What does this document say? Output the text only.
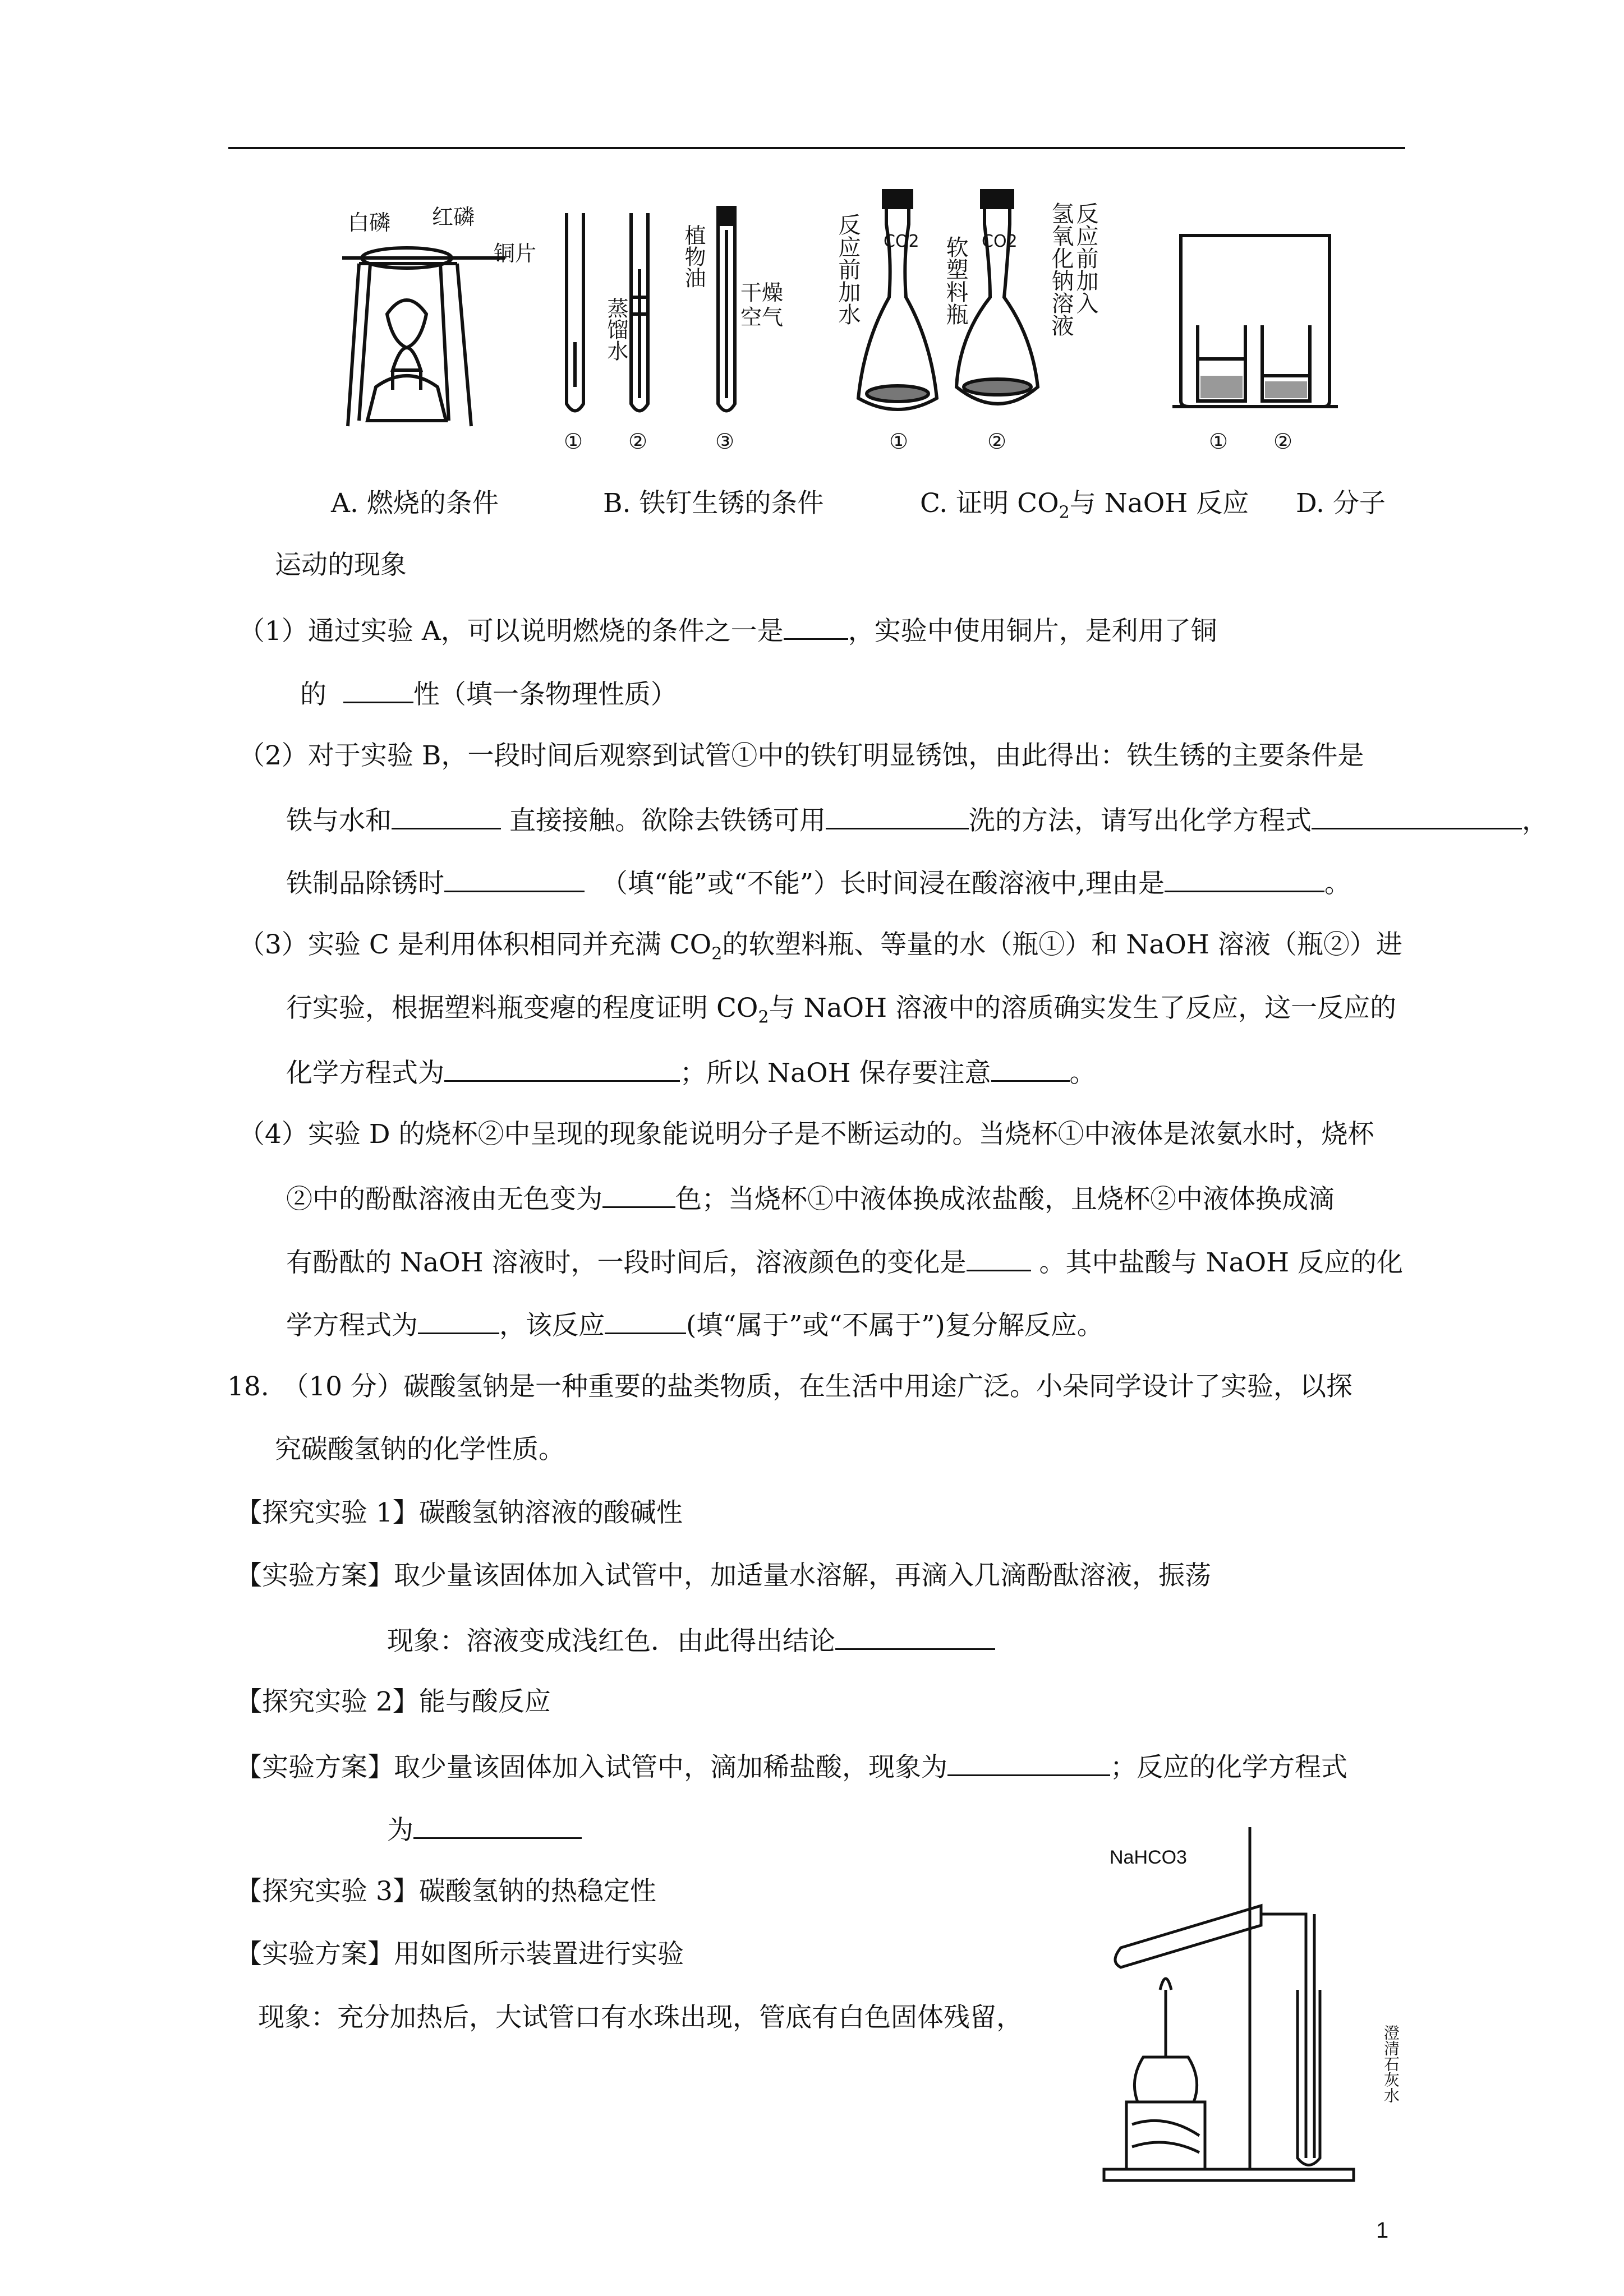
白磷 红磷
铜片
① ②	③
CO2	CO2
①	②	① ②
蒸馏水
植物油
干燥空气 反应前加水	软塑料瓶	氢氧化钠溶液
反应前加入
A. 燃烧的条件	B. 铁钉生锈的条件	C. 证明 $CO_2$与 NaOH 反应 D. 分子
运动的现象
（1）通过实验 A，可以说明燃烧的条件之一是 ，实验中使用铜片，是利用了铜
的	性（填一条物理性质）
（2）对于实验 B，一段时间后观察到试管①中的铁钉明显锈蚀，由此得出：铁生锈的主要条件是
铁与水和	直接接触。欲除去铁锈可用	洗的方法，请写出化学方程式	，
铁制品除锈时	（填“能”或“不能”）长时间浸在酸溶液中,理由是	。
（3）实验 C 是利用体积相同并充满 $CO_2$的软塑料瓶、等量的水（瓶①）和 NaOH 溶液（瓶②）进
行实验，根据塑料瓶变瘪的程度证明 $CO_2$与 NaOH 溶液中的溶质确实发生了反应，这一反应的
化学方程式为	；所以 NaOH 保存要注意	。
（4）实验 D 的烧杯②中呈现的现象能说明分子是不断运动的。当烧杯①中液体是浓氨水时，烧杯
②中的酚酞溶液由无色变为	色；当烧杯①中液体换成浓盐酸，且烧杯②中液体换成滴
有酚酞的 NaOH 溶液时，一段时间后，溶液颜色的变化是	。其中盐酸与 NaOH 反应的化
学方程式为	，该反应	(填“属于”或“不属于”)复分解反应。
18.　（10 分）碳酸氢钠是一种重要的盐类物质，在生活中用途广泛。小朵同学设计了实验，以探
究碳酸氢钠的化学性质。
【探究实验 1】碳酸氢钠溶液的酸碱性
【实验方案】取少量该固体加入试管中，加适量水溶解，再滴入几滴酚酞溶液，振荡
现象：溶液变成浅红色．由此得出结论
【探究实验 2】能与酸反应
【实验方案】取少量该固体加入试管中，滴加稀盐酸，现象为	；反应的化学方程式
为
【探究实验 3】碳酸氢钠的热稳定性
【实验方案】用如图所示装置进行实验
现象：充分加热后，大试管口有水珠出现，管底有白色固体残留，
NaHCO3
澄清石灰水
1
